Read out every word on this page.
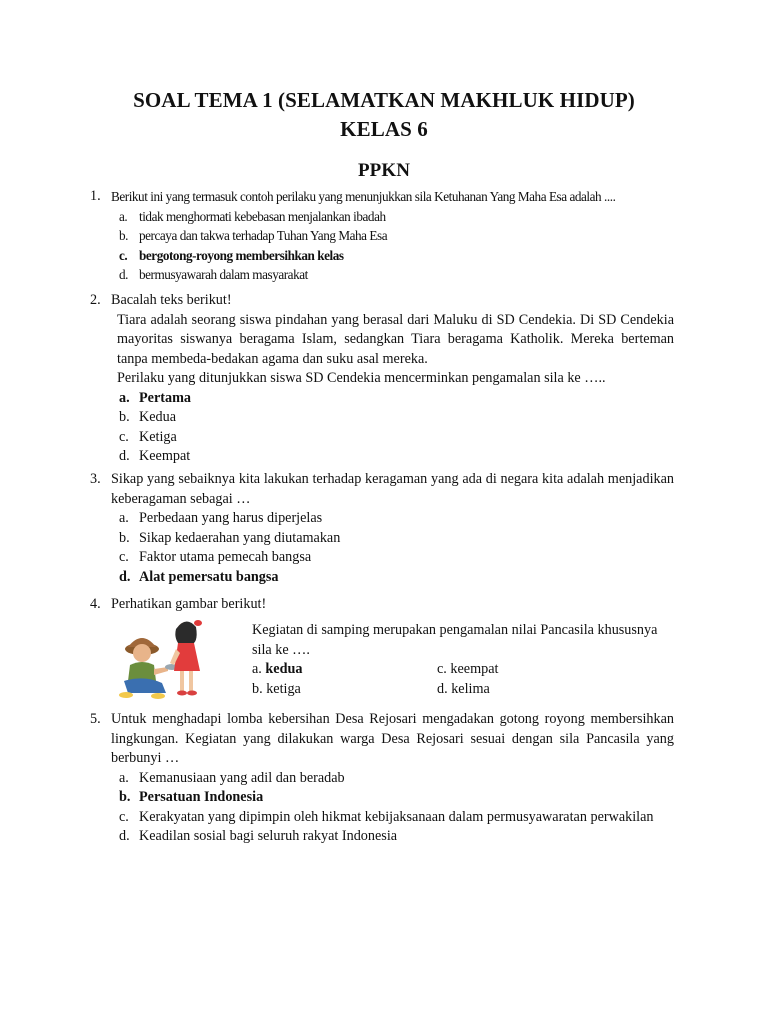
SOAL TEMA 1 (SELAMATKAN MAKHLUK HIDUP)
KELAS 6
PPKN
1. Berikut ini yang termasuk contoh perilaku yang menunjukkan sila Ketuhanan Yang Maha Esa adalah ....
a. tidak menghormati kebebasan menjalankan ibadah
b. percaya dan takwa terhadap Tuhan Yang Maha Esa
c. bergotong-royong membersihkan kelas
d. bermusyawarah dalam masyarakat
2. Bacalah teks berikut!
Tiara adalah seorang siswa pindahan yang berasal dari Maluku di SD Cendekia. Di SD Cendekia mayoritas siswanya beragama Islam, sedangkan Tiara beragama Katholik. Mereka berteman tanpa membeda-bedakan agama dan suku asal mereka.
Perilaku yang ditunjukkan siswa SD Cendekia mencerminkan pengamalan sila ke …..
a. Pertama
b. Kedua
c. Ketiga
d. Keempat
3. Sikap yang sebaiknya kita lakukan terhadap keragaman yang ada di negara kita adalah menjadikan keberagaman sebagai …
a. Perbedaan yang harus diperjelas
b. Sikap kedaerahan yang diutamakan
c. Faktor utama pemecah bangsa
d. Alat pemersatu bangsa
4. Perhatikan gambar berikut!
Kegiatan di samping merupakan pengamalan nilai Pancasila khususnya sila ke ….
a. kedua	c. keempat
b. ketiga	d. kelima
5. Untuk menghadapi lomba kebersihan Desa Rejosari mengadakan gotong royong membersihkan lingkungan. Kegiatan yang dilakukan warga Desa Rejosari sesuai dengan sila Pancasila yang berbunyi …
a. Kemanusiaan yang adil dan beradab
b. Persatuan Indonesia
c. Kerakyatan yang dipimpin oleh hikmat kebijaksanaan dalam permusyawaratan perwakilan
d. Keadilan sosial bagi seluruh rakyat Indonesia
